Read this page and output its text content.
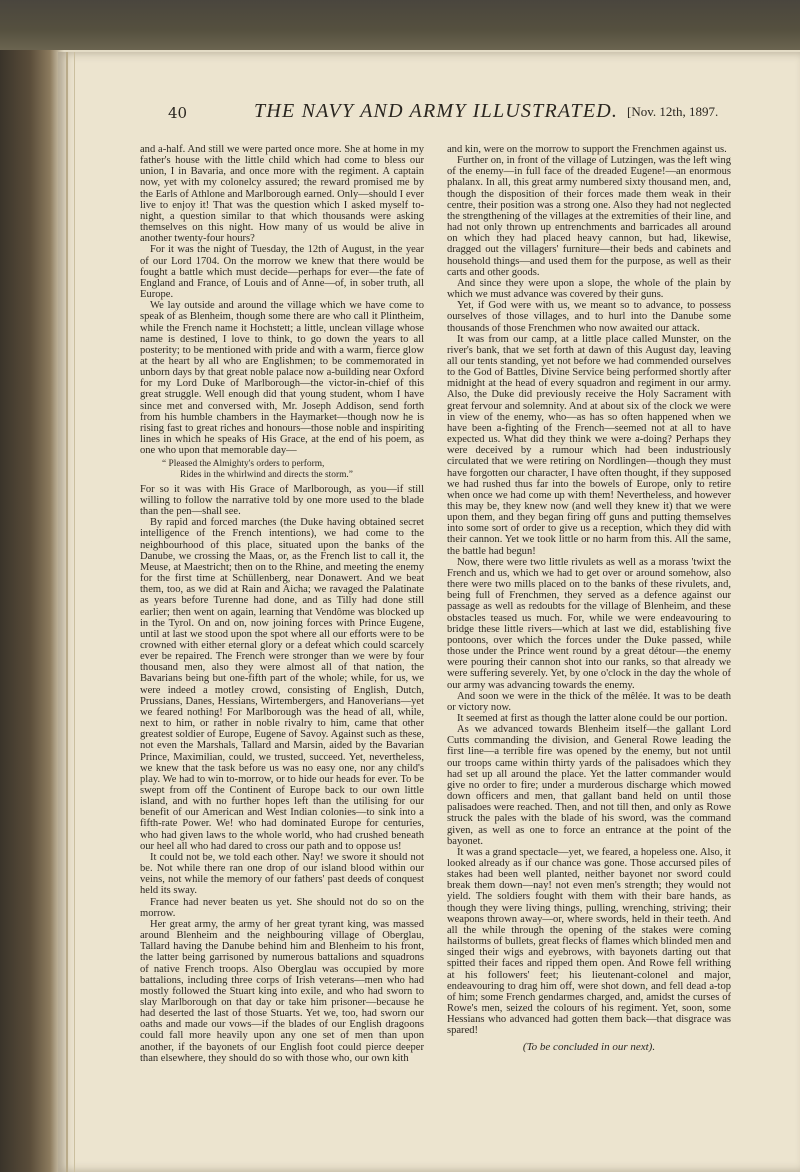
40	THE NAVY AND ARMY ILLUSTRATED. [Nov. 12th, 1897.

and a-half. And still we were parted once more. She at home in my father's house with the little child which had come to bless our union, I in Bavaria, and once more with the regiment. A captain now, yet with my colonelcy assured; the reward promised me by the Earls of Athlone and Marlborough earned. Only—should I ever live to enjoy it! That was the question which I asked myself to-night, a question similar to that which thousands were asking themselves on this night. How many of us would be alive in another twenty-four hours?

For it was the night of Tuesday, the 12th of August, in the year of our Lord 1704. On the morrow we knew that there would be fought a battle which must decide—perhaps for ever—the fate of England and France, of Louis and of Anne—of, in sober truth, all Europe.

We lay outside and around the village which we have come to speak of as Blenheim, though some there are who call it Plintheim, while the French name it Hochstett; a little, unclean village whose name is destined, I love to think, to go down the years to all posterity; to be mentioned with pride and with a warm, fierce glow at the heart by all who are Englishmen; to be commemorated in unborn days by that great noble palace now a-building near Oxford for my Lord Duke of Marlborough—the victor-in-chief of this great struggle. Well enough did that young student, whom I have since met and conversed with, Mr. Joseph Addison, send forth from his humble chambers in the Haymarket—though now he is rising fast to great riches and honours—those noble and inspiriting lines in which he speaks of His Grace, at the end of his poem, as one who upon that memorable day—

“ Pleased the Almighty's orders to perform,
Rides in the whirlwind and directs the storm.”

For so it was with His Grace of Marlborough, as you—if still willing to follow the narrative told by one more used to the blade than the pen—shall see.

By rapid and forced marches (the Duke having obtained secret intelligence of the French intentions), we had come to the neighbourhood of this place, situated upon the banks of the Danube, we crossing the Maas, or, as the French list to call it, the Meuse, at Maestricht; then on to the Rhine, and meeting the enemy for the first time at Schüllenberg, near Donawert. And we beat them, too, as we did at Rain and Aicha; we ravaged the Palatinate as years before Turenne had done, and as Tilly had done still earlier; then went on again, learning that Vendôme was blocked up in the Tyrol. On and on, now joining forces with Prince Eugene, until at last we stood upon the spot where all our efforts were to be crowned with either eternal glory or a defeat which could scarcely ever be repaired. The French were stronger than we were by four thousand men, also they were almost all of that nation, the Bavarians being but one-fifth part of the whole; while, for us, we were indeed a motley crowd, consisting of English, Dutch, Prussians, Danes, Hessians, Wirtembergers, and Hanoverians—yet we feared nothing! For Marlborough was the head of all, while, next to him, or rather in noble rivalry to him, came that other greatest soldier of Europe, Eugene of Savoy. Against such as these, not even the Marshals, Tallard and Marsin, aided by the Bavarian Prince, Maximilian, could, we trusted, succeed. Yet, nevertheless, we knew that the task before us was no easy one, nor any child's play. We had to win to-morrow, or to hide our heads for ever. To be swept from off the Continent of Europe back to our own little island, and with no further hopes left than the utilising for our benefit of our American and West Indian colonies—to sink into a fifth-rate Power. We! who had dominated Europe for centuries, who had given laws to the whole world, who had crushed beneath our heel all who had dared to cross our path and to oppose us!

It could not be, we told each other. Nay! we swore it should not be. Not while there ran one drop of our island blood within our veins, not while the memory of our fathers' past deeds of conquest held its sway.

France had never beaten us yet. She should not do so on the morrow.

Her great army, the army of her great tyrant king, was massed around Blenheim and the neighbouring village of Oberglau, Tallard having the Danube behind him and Blenheim to his front, the latter being garrisoned by numerous battalions and squadrons of native French troops. Also Oberglau was occupied by more battalions, including three corps of Irish veterans—men who had mostly followed the Stuart king into exile, and who had sworn to slay Marlborough on that day or take him prisoner—because he had deserted the last of those Stuarts. Yet we, too, had sworn our oaths and made our vows—if the blades of our English dragoons could fall more heavily upon any one set of men than upon another, if the bayonets of our English foot could pierce deeper than elsewhere, they should do so with those who, our own kith

and kin, were on the morrow to support the Frenchmen against us.

Further on, in front of the village of Lutzingen, was the left wing of the enemy—in full face of the dreaded Eugene!—an enormous phalanx. In all, this great army numbered sixty thousand men, and, though the disposition of their forces made them weak in their centre, their position was a strong one. Also they had not neglected the strengthening of the villages at the extremities of their line, and had not only thrown up entrenchments and barricades all around on which they had placed heavy cannon, but had, likewise, dragged out the villagers' furniture—their beds and cabinets and household things—and used them for the purpose, as well as their carts and other goods.

And since they were upon a slope, the whole of the plain by which we must advance was covered by their guns.

Yet, if God were with us, we meant so to advance, to possess ourselves of those villages, and to hurl into the Danube some thousands of those Frenchmen who now awaited our attack.

It was from our camp, at a little place called Munster, on the river's bank, that we set forth at dawn of this August day, leaving all our tents standing, yet not before we had commended ourselves to the God of Battles, Divine Service being performed shortly after midnight at the head of every squadron and regiment in our army. Also, the Duke did previously receive the Holy Sacrament with great fervour and solemnity. And at about six of the clock we were in view of the enemy, who—as has so often happened when we have been a-fighting of the French—seemed not at all to have expected us. What did they think we were a-doing? Perhaps they were deceived by a rumour which had been industriously circulated that we were retiring on Nordlingen—though they must have forgotten our character, I have often thought, if they supposed we had rushed thus far into the bowels of Europe, only to retire when once we had come up with them! Nevertheless, and however this may be, they knew now (and well they knew it) that we were upon them, and they began firing off guns and putting themselves into some sort of order to give us a reception, which they did with their cannon. Yet we took little or no harm from this. All the same, the battle had begun!

Now, there were two little rivulets as well as a morass 'twixt the French and us, which we had to get over or around somehow, also there were two mills placed on to the banks of these rivulets, and, being full of Frenchmen, they served as a defence against our passage as well as redoubts for the village of Blenheim, and these obstacles teased us much. For, while we were endeavouring to bridge these little rivers—which at last we did, establishing five pontoons, over which the forces under the Duke passed, while those under the Prince went round by a great détour—the enemy were pouring their cannon shot into our ranks, so that already we were suffering severely. Yet, by one o'clock in the day the whole of our army was advancing towards the enemy.

And soon we were in the thick of the mêlée. It was to be death or victory now.

It seemed at first as though the latter alone could be our portion.

As we advanced towards Blenheim itself—the gallant Lord Cutts commanding the division, and General Rowe leading the first line—a terrible fire was opened by the enemy, but not until our troops came within thirty yards of the palisadoes which they had set up all around the place. Yet the latter commander would give no order to fire; under a murderous discharge which mowed down officers and men, that gallant band held on until those palisadoes were reached. Then, and not till then, and only as Rowe struck the pales with the blade of his sword, was the command given, as well as one to force an entrance at the point of the bayonet.

It was a grand spectacle—yet, we feared, a hopeless one. Also, it looked already as if our chance was gone. Those accursed piles of stakes had been well planted, neither bayonet nor sword could break them down—nay! not even men's strength; they would not yield. The soldiers fought with them with their bare hands, as though they were living things, pulling, wrenching, striving; their weapons thrown away—or, where swords, held in their teeth. And all the while through the opening of the stakes were coming hailstorms of bullets, great flecks of flames which blinded men and singed their wigs and eyebrows, with bayonets darting out that spitted their faces and ripped them open. And Rowe fell writhing at his followers' feet; his lieutenant-colonel and major, endeavouring to drag him off, were shot down, and fell dead a-top of him; some French gendarmes charged, and, amidst the curses of Rowe's men, seized the colours of his regiment. Yet, soon, some Hessians who advanced had gotten them back—that disgrace was spared!

(To be concluded in our next).
